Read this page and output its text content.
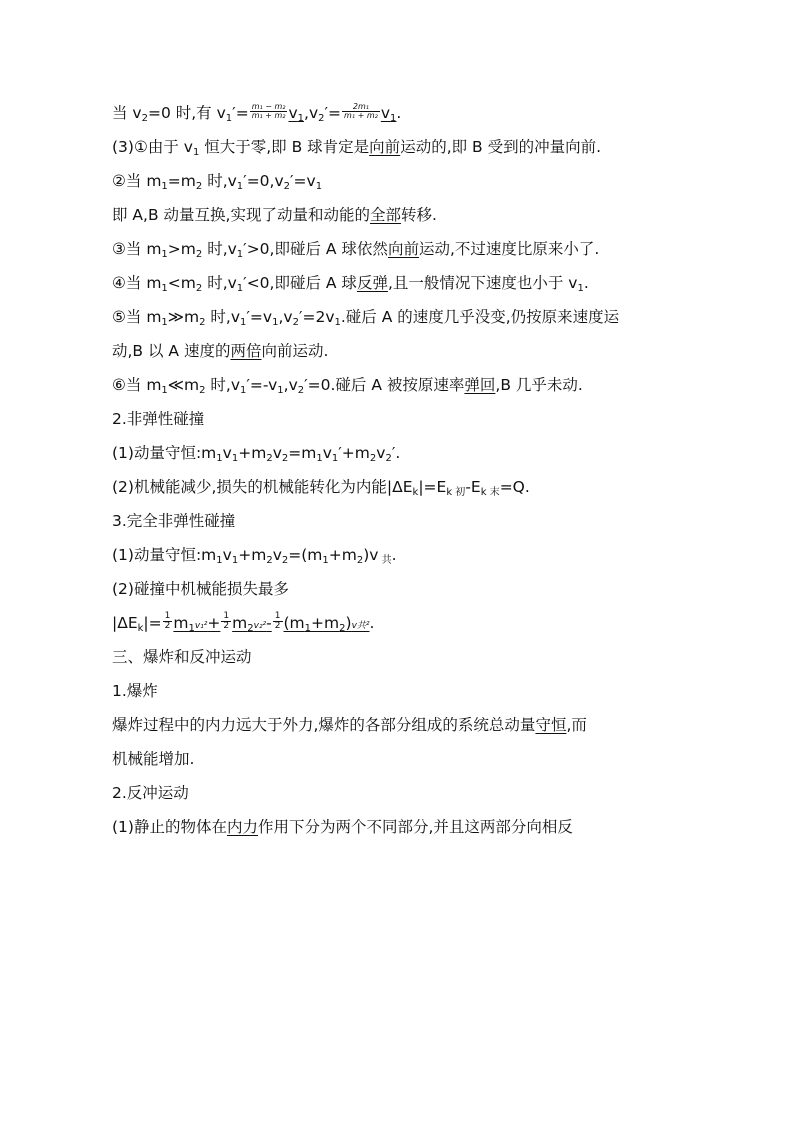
当 $v_2=0$ 时,有 $v_1'= \frac{\text{m₁ − m₂}}{\text{m₁ + m₂}} v_1,v_2'= \frac{\text{2m₁}}{\text{m₁ + m₂}} v_1$.
(3)①由于 $v_1$ 恒大于零,即 B 球肯定是向前运动的,即 B 受到的冲量向前.
②当 $m_1=m_2$ 时$,v_1'=0,v_2'=v_1$
即 A,B 动量互换,实现了动量和动能的全部转移.
③当 $m_1>m_2$ 时$,v_1'>0$,即碰后 A 球依然向前运动,不过速度比原来小了.
④当 $m_1<m_2$ 时$,v_1'<0$,即碰后 A 球反弹,且一般情况下速度也小于 $v_1$.
⑤当 $m_1≫m_2$ 时$,v_1'=v_1,v_2'=2v_1$.碰后 A 的速度几乎没变,仍按原来速度运
动,B 以 A 速度的两倍向前运动.
⑥当 $m_1≪m_2$ 时$,v_1'=-v_1,v_2'=0$.碰后 A 被按原速率弹回,B 几乎未动.
2.非弹性碰撞
(1)动量守恒$:m_1v_1+m_2v_2=m_1v_1'+m_2v_2'$.
(2)机械能减少,损失的机械能转化为内能$|\Delta E_k|=E_{k 初}-E_{k 末}=Q$.
3.完全非弹性碰撞
(1)动量守恒$:m_1v_1+m_2v_2=(m_1+m_2)v$ $_共$.
(2)碰撞中机械能损失最多
$|\Delta E_k|= \frac{1}{2} m_1v_1^2+ \frac{1}{2} m_2v_2^2- \frac{1}{2} (m_1+m_2)v$共².
三、爆炸和反冲运动
1.爆炸
爆炸过程中的内力远大于外力,爆炸的各部分组成的系统总动量守恒,而
机械能增加.
2.反冲运动
(1)静止的物体在内力作用下分为两个不同部分,并且这两部分向相反
